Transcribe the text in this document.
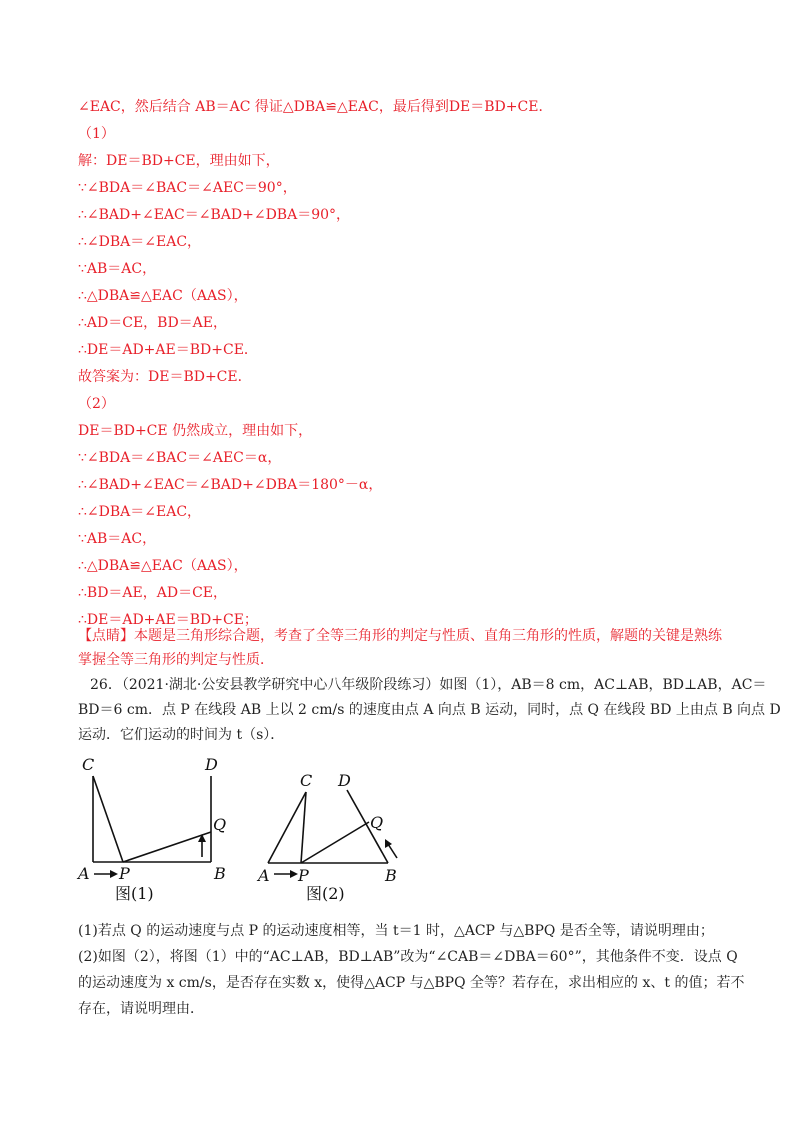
∠EAC，然后结合 AB＝AC 得证△DBA≌△EAC，最后得到DE＝BD+CE．
（1）
解：DE＝BD+CE，理由如下，
∵∠BDA＝∠BAC＝∠AEC＝90°，
∴∠BAD+∠EAC＝∠BAD+∠DBA＝90°，
∴∠DBA＝∠EAC，
∵AB＝AC，
∴△DBA≌△EAC（AAS），
∴AD＝CE，BD＝AE，
∴DE＝AD+AE＝BD+CE．
故答案为：DE＝BD+CE．
（2）
DE＝BD+CE 仍然成立，理由如下，
∵∠BDA＝∠BAC＝∠AEC＝α，
∴∠BAD+∠EAC＝∠BAD+∠DBA＝180°－α，
∴∠DBA＝∠EAC，
∵AB＝AC，
∴△DBA≌△EAC（AAS），
∴BD＝AE，AD＝CE，
∴DE＝AD+AE＝BD+CE；
【点睛】本题是三角形综合题，考查了全等三角形的判定与性质、直角三角形的性质，解题的关键是熟练
掌握全等三角形的判定与性质．
26．（2021·湖北·公安县教学研究中心八年级阶段练习）如图（1），AB＝8 cm，AC⊥AB，BD⊥AB，AC＝
BD＝6 cm．点 P 在线段 AB 上以 2 cm/s 的速度由点 A 向点 B 运动，同时，点 Q 在线段 BD 上由点 B 向点 D
运动．它们运动的时间为 t（s）．
C	D
Q
A P	B
图(1)
C D
Q
A P	B
图(2)
(1)若点 Q 的运动速度与点 P 的运动速度相等，当 t＝1 时，△ACP 与△BPQ 是否全等，请说明理由；
(2)如图（2），将图（1）中的“AC⊥AB，BD⊥AB”改为“∠CAB＝∠DBA＝60°”，其他条件不变．设点 Q
的运动速度为 x cm/s，是否存在实数 x，使得△ACP 与△BPQ 全等？若存在，求出相应的 x、t 的值；若不
存在，请说明理由．
